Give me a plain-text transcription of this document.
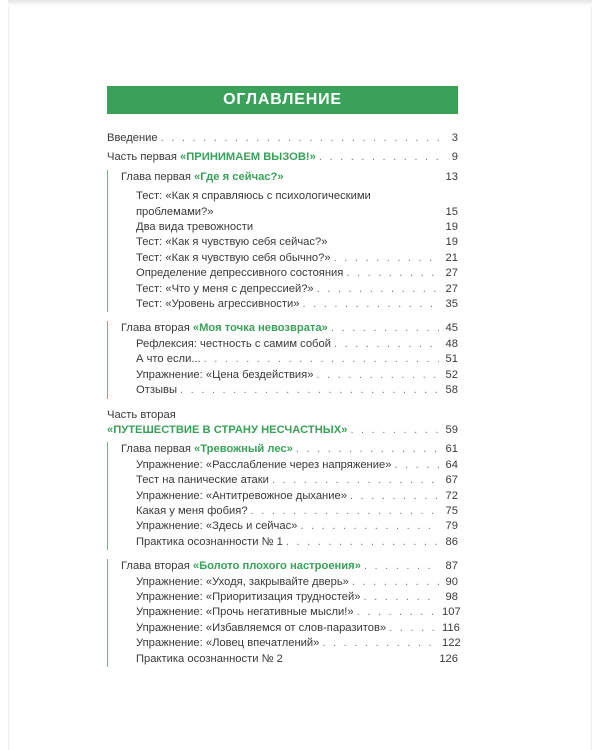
ОГЛАВЛЕНИЕ
Введение . . .	3
Часть первая «ПРИНИМАЕМ ВЫЗОВ!» . . .	9
Глава первая «Где я сейчас?»	13
Тест: «Как я справляюсь с психологическими проблемами?»	15
Два вида тревожности	19
Тест: «Как я чувствую себя сейчас?»	19
Тест: «Как я чувствую себя обычно?» . . .	21
Определение депрессивного состояния . . .	27
Тест: «Что у меня с депрессией?» . . .	27
Тест: «Уровень агрессивности» . . .	35
Глава вторая «Моя точка невозврата» . . .	45
Рефлексия: честность с самим собой . . .	48
А что если... . . .	51
Упражнение: «Цена бездействия» . . .	52
Отзывы . . .	58
Часть вторая
«ПУТЕШЕСТВИЕ В СТРАНУ НЕСЧАСТНЫХ» . . .	59
Глава первая «Тревожный лес» . . .	61
Упражнение: «Расслабление через напряжение» . . .	64
Тест на панические атаки . . .	67
Упражнение: «Антитревожное дыхание» . . .	72
Какая у меня фобия? . . .	75
Упражнение: «Здесь и сейчас» . . .	79
Практика осознанности № 1 . . .	86
Глава вторая «Болото плохого настроения» . . .	87
Упражнение: «Уходя, закрывайте дверь» . . .	90
Упражнение: «Приоритизация трудностей» . . .	98
Упражнение: «Прочь негативные мысли!» . . .	107
Упражнение: «Избавляемся от слов-паразитов» . . .	116
Упражнение: «Ловец впечатлений» . . .	122
Практика осознанности № 2	126
